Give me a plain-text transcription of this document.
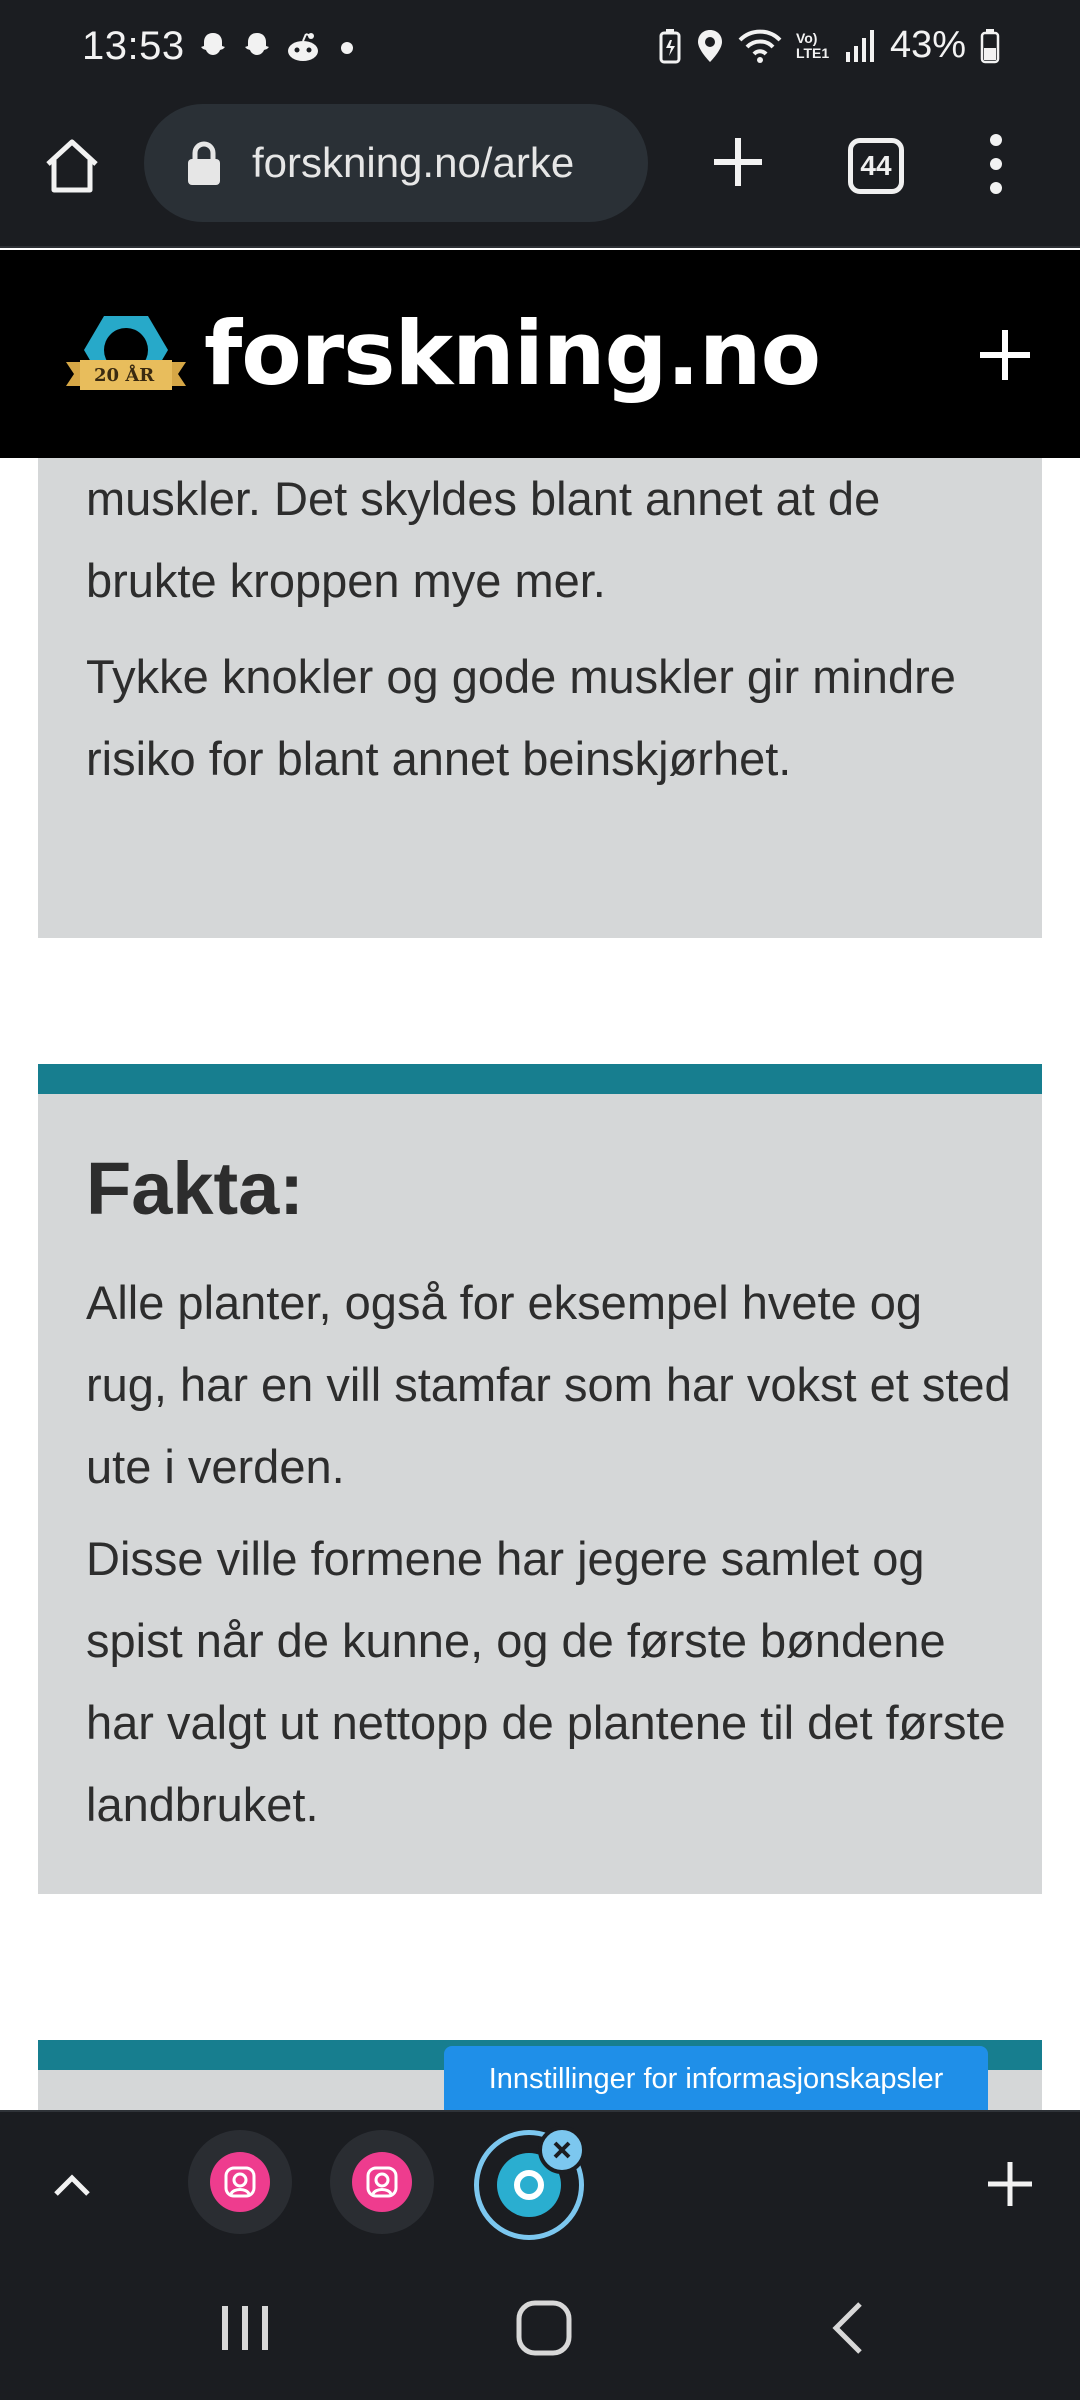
13:53	Vo) LTE1 43%
forskning.no/arke	44
20 ÅR forskning.no

muskler. Det skyldes blant annet at de brukte kroppen mye mer.

Tykke knokler og gode muskler gir mindre risiko for blant annet beinskjørhet.

Fakta:

Alle planter, også for eksempel hvete og rug, har en vill stamfar som har vokst et sted ute i verden.

Disse ville formene har jegere samlet og spist når de kunne, og de første bøndene har valgt ut nettopp de plantene til det første landbruket.

Innstillinger for informasjonskapsler
